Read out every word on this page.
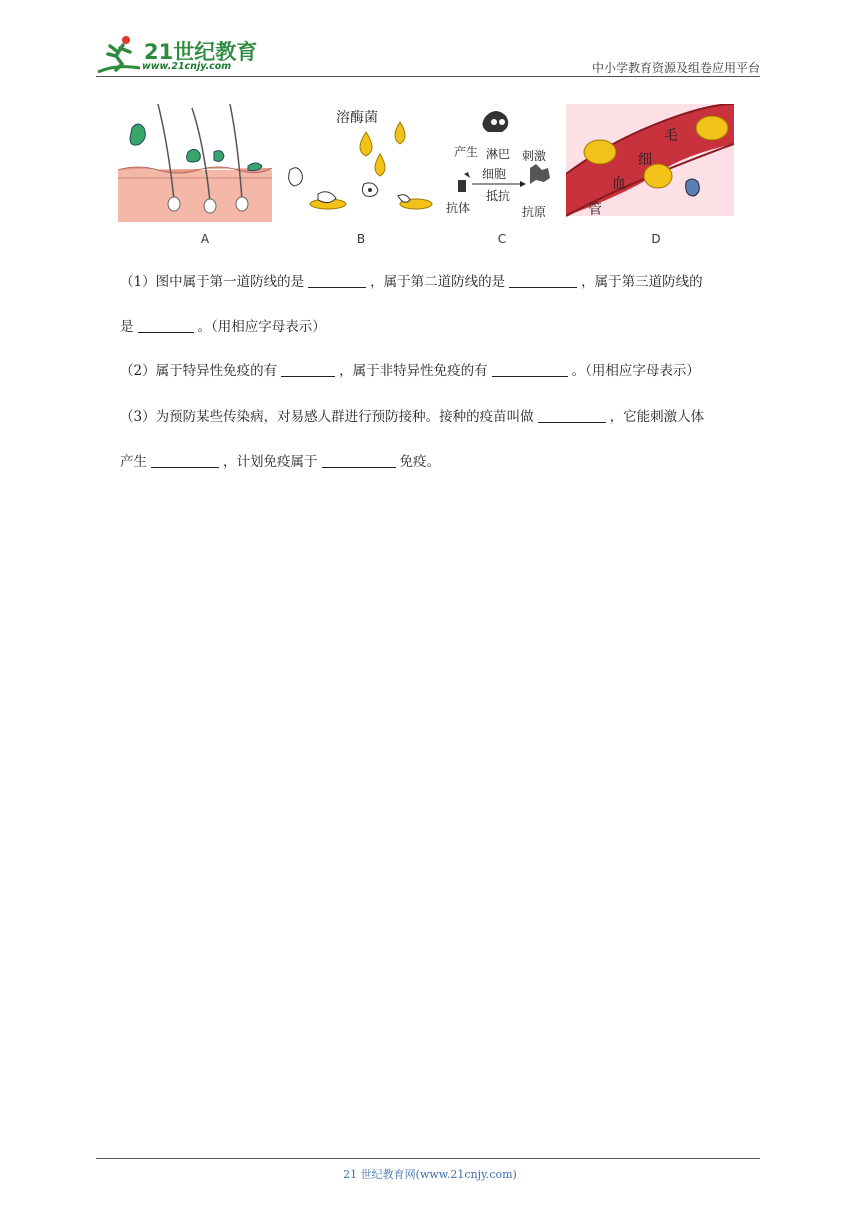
21世纪教育
www.21cnjy.com	中小学教育资源及组卷应用平台
A
溶酶菌
B
产生 淋巴 刺激
细胞
抵抗
抗体	抗原
C
毛
细
血
管
D
（1）图中属于第一道防线的是	，属于第二道防线的是	，属于第三道防线的
是	。（用相应字母表示）
（2）属于特异性免疫的有	，属于非特异性免疫的有	。（用相应字母表示）
（3）为预防某些传染病，对易感人群进行预防接种。接种的疫苗叫做	，它能刺激人体
产生	，计划免疫属于	免疫。
21 世纪教育网(www.21cnjy.com)
